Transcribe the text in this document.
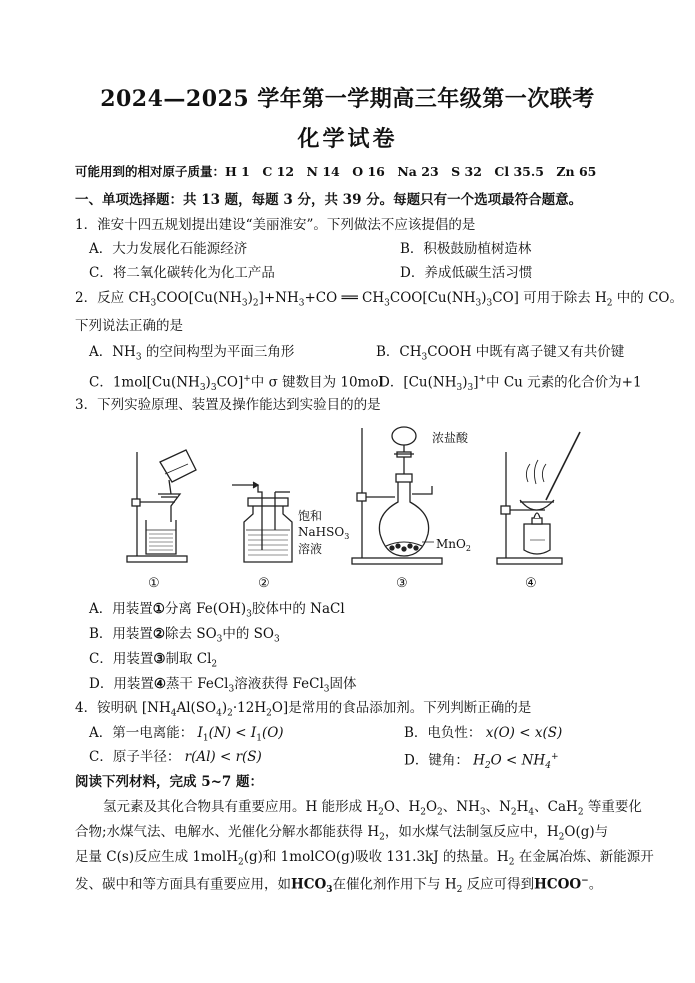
2024—2025 学年第一学期高三年级第一次联考
化学试卷
可能用到的相对原子质量：H 1　C 12　N 14　O 16　Na 23　S 32　Cl 35.5　Zn 65
一、单项选择题：共 13 题，每题 3 分，共 39 分。每题只有一个选项最符合题意。
1．淮安十四五规划提出建设“美丽淮安”。下列做法不应该提倡的是
A．大力发展化石能源经济	B．积极鼓励植树造林
C．将二氧化碳转化为化工产品	D．养成低碳生活习惯
2．反应 $CH_3COO[Cu(NH_3)_2]+NH_3+CO$ ══ $CH_3COO[Cu(NH_3)_3CO]$ 可用于除去 $H_2$ 中的 CO。
下列说法正确的是
A．$NH_3$ 的空间构型为平面三角形	B．$CH_3COOH$ 中既有离子键又有共价键
C．$1mol[Cu(NH_3)_3CO]^+$中 σ 键数目为 10mol
D．$[Cu(NH_3)_3]^+$中 Cu 元素的化合价为+1
3．下列实验原理、装置及操作能达到实验目的的是
浓盐酸
饱和
NaHSO$_3$
溶液	MnO$_2$
①	②	③	④
A．用装置①分离 $Fe(OH)_3$胶体中的 NaCl
B．用装置②除去 $SO_3$中的 $SO_3$
C．用装置③制取 $Cl_2$
D．用装置④蒸干 FeCl$_3$溶液获得 FeCl$_3$固体
4．铵明矾 $[NH_4Al(SO_4)_2\cdot 12H_2O]$是常用的食品添加剂。下列判断正确的是
A．第一电离能： $I_1(N) < I_1(O)$	B．电负性： x(O) < x(S)
C．原子半径： r(Al) < r(S)	D．键角： $H_2O < NH_4^+$
阅读下列材料，完成 5~7 题：
氢元素及其化合物具有重要应用。H 能形成 $H_2O$、$H_2O_2$、$NH_3$、$N_2H_4$、CaH$_2$ 等重要化
合物;水煤气法、电解水、光催化分解水都能获得 $H_2$，如水煤气法制氢反应中，$H_2O(g)$与
足量 C(s)反应生成 1molH$_2$(g)和 1molCO(g)吸收 131.3kJ 的热量。$H_2$ 在金属冶炼、新能源开
发、碳中和等方面具有重要应用，如$HCO_3$在催化剂作用下与 $H_2$ 反应可得到HCOO−。
